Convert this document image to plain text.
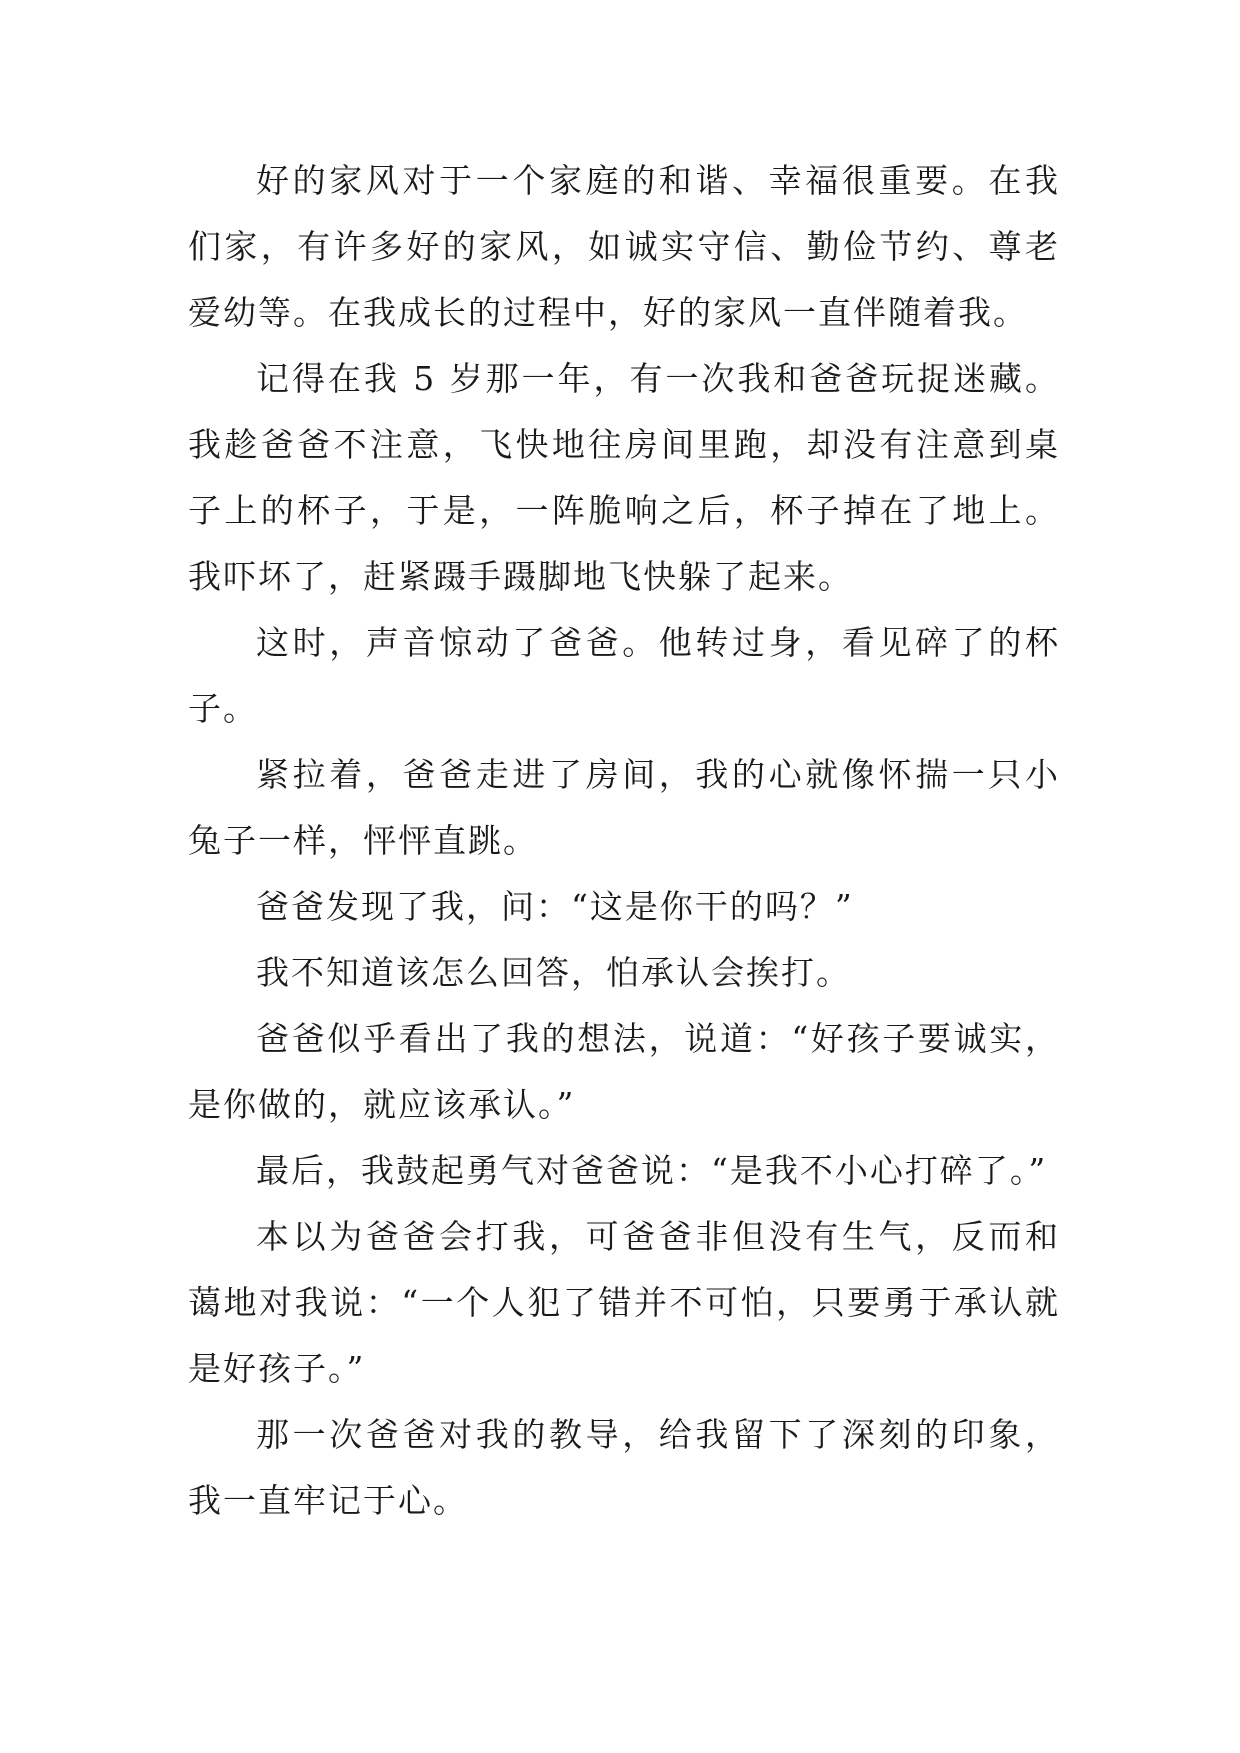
好的家风对于一个家庭的和谐、幸福很重要。在我们家，有许多好的家风，如诚实守信、勤俭节约、尊老爱幼等。在我成长的过程中，好的家风一直伴随着我。

记得在我 5 岁那一年，有一次我和爸爸玩捉迷藏。我趁爸爸不注意，飞快地往房间里跑，却没有注意到桌子上的杯子，于是，一阵脆响之后，杯子掉在了地上。我吓坏了，赶紧蹑手蹑脚地飞快躲了起来。

这时，声音惊动了爸爸。他转过身，看见碎了的杯子。

紧拉着，爸爸走进了房间，我的心就像怀揣一只小兔子一样，怦怦直跳。

爸爸发现了我，问：“这是你干的吗？”

我不知道该怎么回答，怕承认会挨打。

爸爸似乎看出了我的想法，说道：“好孩子要诚实，是你做的，就应该承认。”

最后，我鼓起勇气对爸爸说：“是我不小心打碎了。”

本以为爸爸会打我，可爸爸非但没有生气，反而和蔼地对我说：“一个人犯了错并不可怕，只要勇于承认就是好孩子。”

那一次爸爸对我的教导，给我留下了深刻的印象，我一直牢记于心。
